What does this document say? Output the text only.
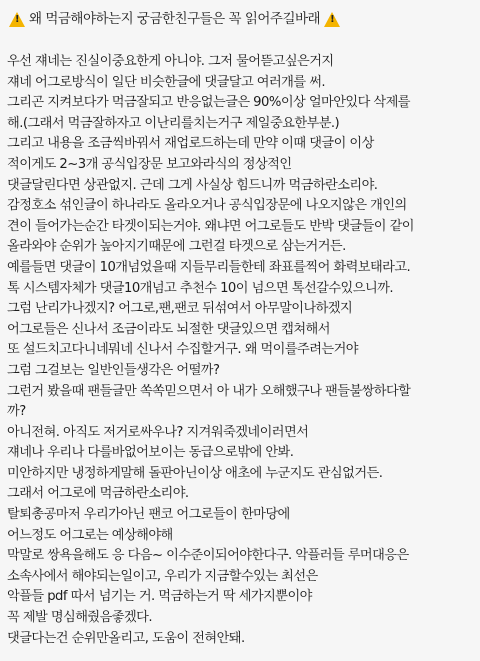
!
왜 먹금해야하는지 궁금한친구들은 꼭 읽어주길바래
!
우선 쟤네는 진실이중요한게 아니야. 그저 물어뜯고싶은거지
쟤네 어그로방식이 일단 비슷한글에 댓글달고 여러개를 써.
그리곤 지켜보다가 먹금잘되고 반응없는글은 90%이상 얼마안있다 삭제를
해.(그래서 먹금잘하자고 이난리를치는거구 제일중요한부분.)
그리고 내용을 조금씩바꿔서 재업로드하는데 만약 이때 댓글이 이상
적이게도 2~3개 공식입장문 보고와라식의 정상적인
댓글달린다면 상관없지. 근데 그게 사실상 힘드니까 먹금하란소리야.
감정호소 섞인글이 하나라도 올라오거나 공식입장문에 나오지않은 개인의
견이 들어가는순간 타겟이되는거야. 왜냐면 어그로들도 반박 댓글들이 같이
올라와야 순위가 높아지기때문에 그런걸 타겟으로 삼는거거든.
예를들면 댓글이 10개넘었을때 지들무리들한테 좌표를찍어 화력보태라고.
톡 시스템자체가 댓글10개넘고 추천수 10이 넘으면 톡선갈수있으니까.
그럼 난리가나겠지? 어그로,팬,팬코 뒤섞여서 아무말이나하겠지
어그로들은 신나서 조금이라도 뇌절한 댓글있으면 캡쳐해서
또 설드치고다니네뭐네 신나서 수집할거구. 왜 먹이를주려는거야
그럼 그걸보는 일반인들생각은 어떨까?
그런거 봤을때 팬들글만 쏙쏙믿으면서 아 내가 오해했구나 팬들불쌍하다할
까?
아니전혀. 아직도 저거로싸우나? 지겨워죽겠네이러면서
쟤네나 우리나 다를바없어보이는 동급으로밖에 안봐.
미안하지만 냉정하게말해 돌판아닌이상 애초에 누군지도 관심없거든.
그래서 어그로에 먹금하란소리야.
탈퇴총공마저 우리가아닌 팬코 어그로들이 한마당에
어느정도 어그로는 예상해야해
막말로 쌍욕을해도 응 다음~ 이수준이되어야한다구. 악플러들 루머대응은
소속사에서 해야되는일이고, 우리가 지금할수있는 최선은
악플들 pdf 따서 넘기는 거. 먹금하는거 딱 세가지뿐이야
꼭 제발 명심해줬음좋겠다.
댓글다는건 순위만올리고, 도움이 전혀안돼.
